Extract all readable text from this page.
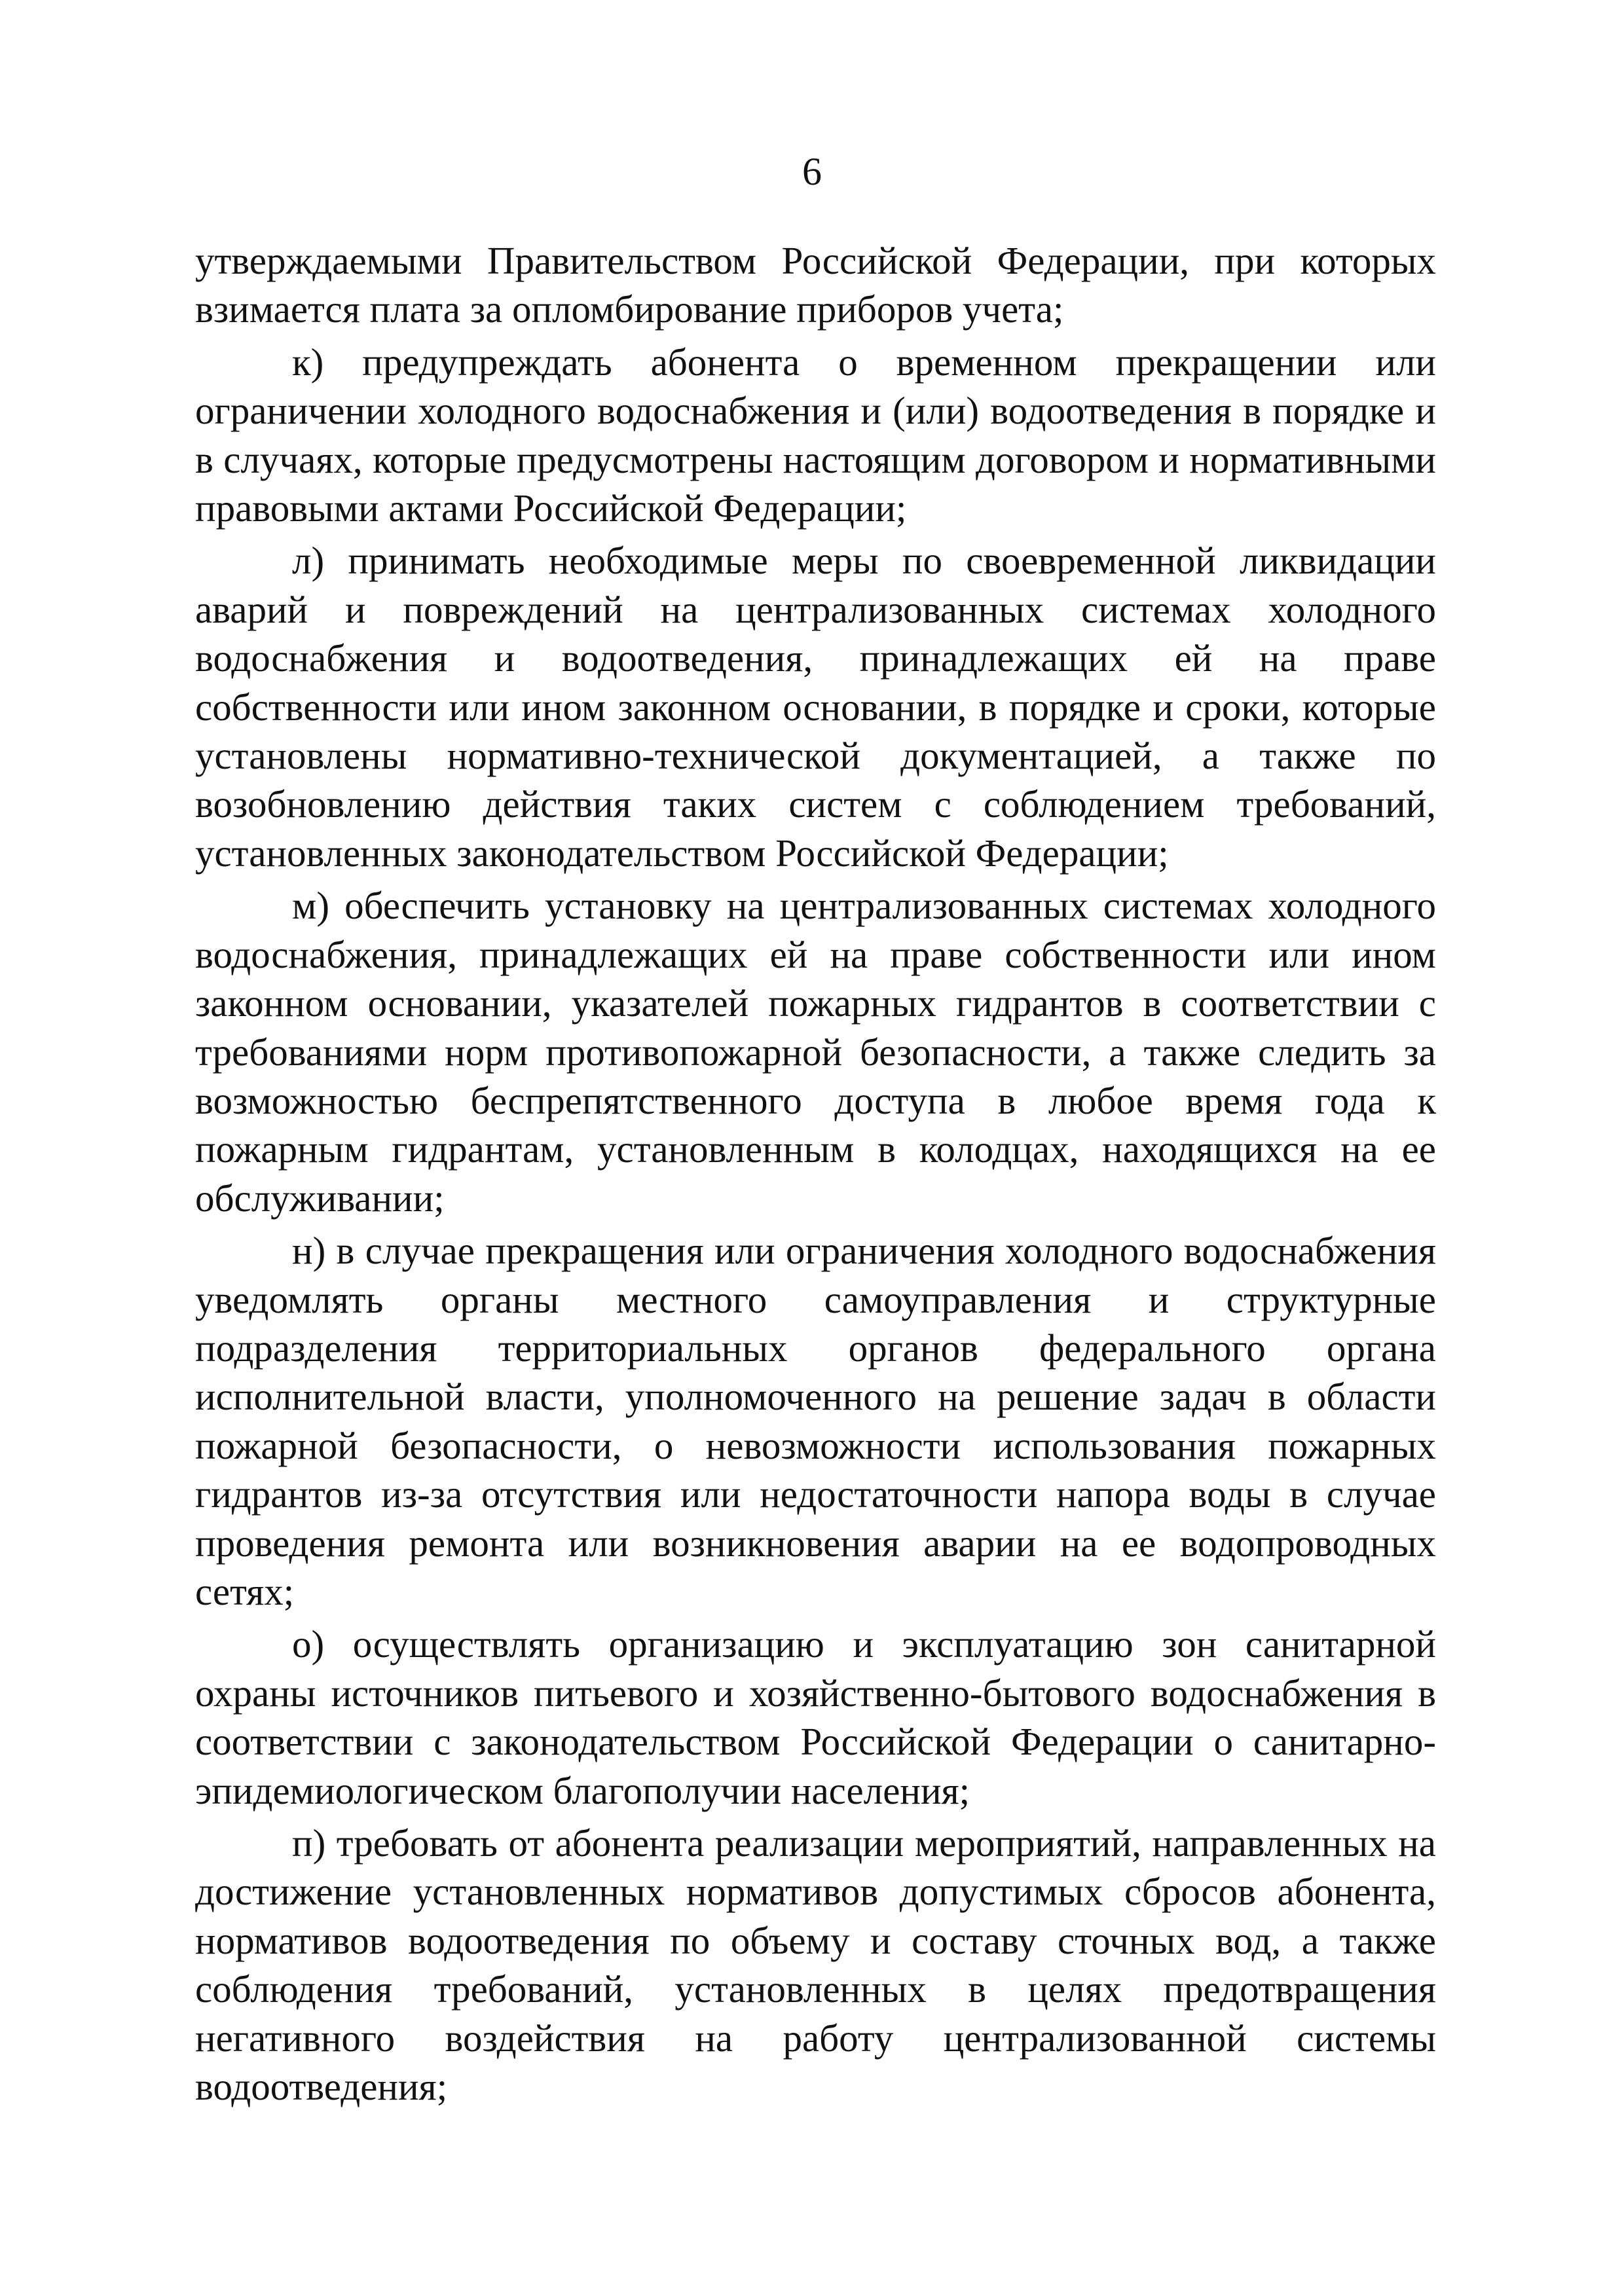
6

утверждаемыми Правительством Российской Федерации, при которых взимается плата за опломбирование приборов учета;

к) предупреждать абонента о временном прекращении или ограничении холодного водоснабжения и (или) водоотведения в порядке и в случаях, которые предусмотрены настоящим договором и нормативными правовыми актами Российской Федерации;

л) принимать необходимые меры по своевременной ликвидации аварий и повреждений на централизованных системах холодного водоснабжения и водоотведения, принадлежащих ей на праве собственности или ином законном основании, в порядке и сроки, которые установлены нормативно-технической документацией, а также по возобновлению действия таких систем с соблюдением требований, установленных законодательством Российской Федерации;

м) обеспечить установку на централизованных системах холодного водоснабжения, принадлежащих ей на праве собственности или ином законном основании, указателей пожарных гидрантов в соответствии с требованиями норм противопожарной безопасности, а также следить за возможностью беспрепятственного доступа в любое время года к пожарным гидрантам, установленным в колодцах, находящихся на ее обслуживании;

н) в случае прекращения или ограничения холодного водоснабжения уведомлять органы местного самоуправления и структурные подразделения территориальных органов федерального органа исполнительной власти, уполномоченного на решение задач в области пожарной безопасности, о невозможности использования пожарных гидрантов из-за отсутствия или недостаточности напора воды в случае проведения ремонта или возникновения аварии на ее водопроводных сетях;

о) осуществлять организацию и эксплуатацию зон санитарной охраны источников питьевого и хозяйственно-бытового водоснабжения в соответствии с законодательством Российской Федерации о санитарно-эпидемиологическом благополучии населения;

п) требовать от абонента реализации мероприятий, направленных на достижение установленных нормативов допустимых сбросов абонента, нормативов водоотведения по объему и составу сточных вод, а также соблюдения требований, установленных в целях предотвращения негативного воздействия на работу централизованной системы водоотведения;
